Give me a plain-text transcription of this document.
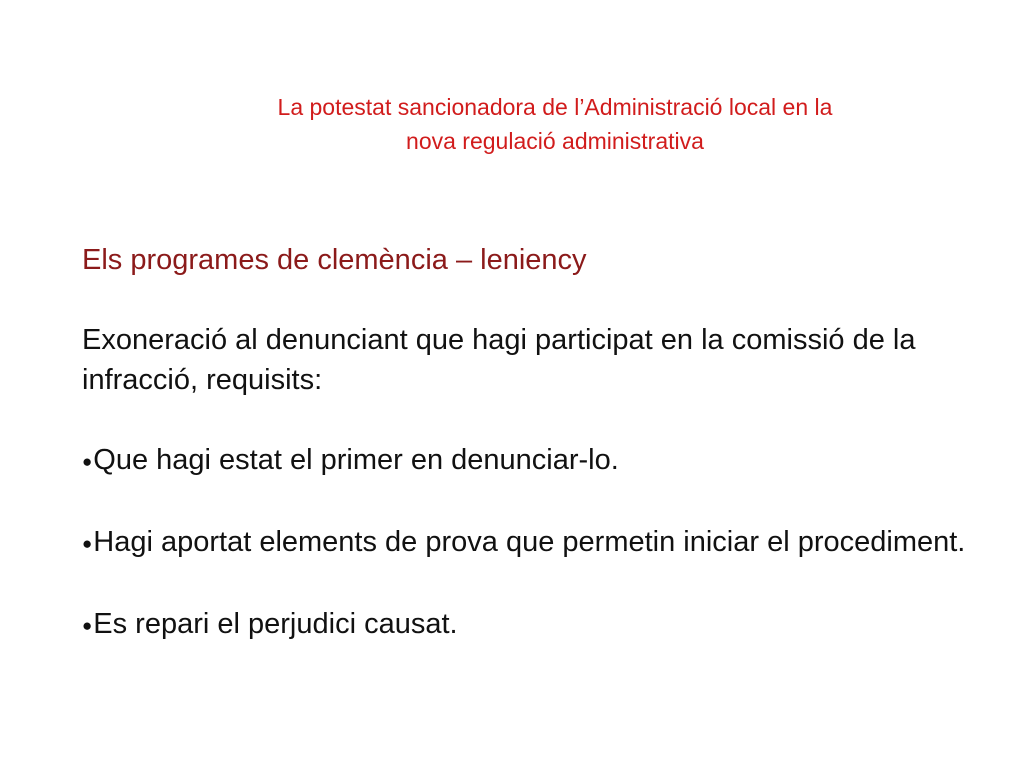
La potestat sancionadora de l’Administració local en la
nova regulació administrativa
Els programes de clemència – leniency
Exoneració al denunciant que hagi participat en la comissió de la infracció, requisits:
●Que hagi estat el primer en denunciar-lo.
●Hagi aportat elements de prova que permetin iniciar el procediment.
●Es repari el perjudici causat.
